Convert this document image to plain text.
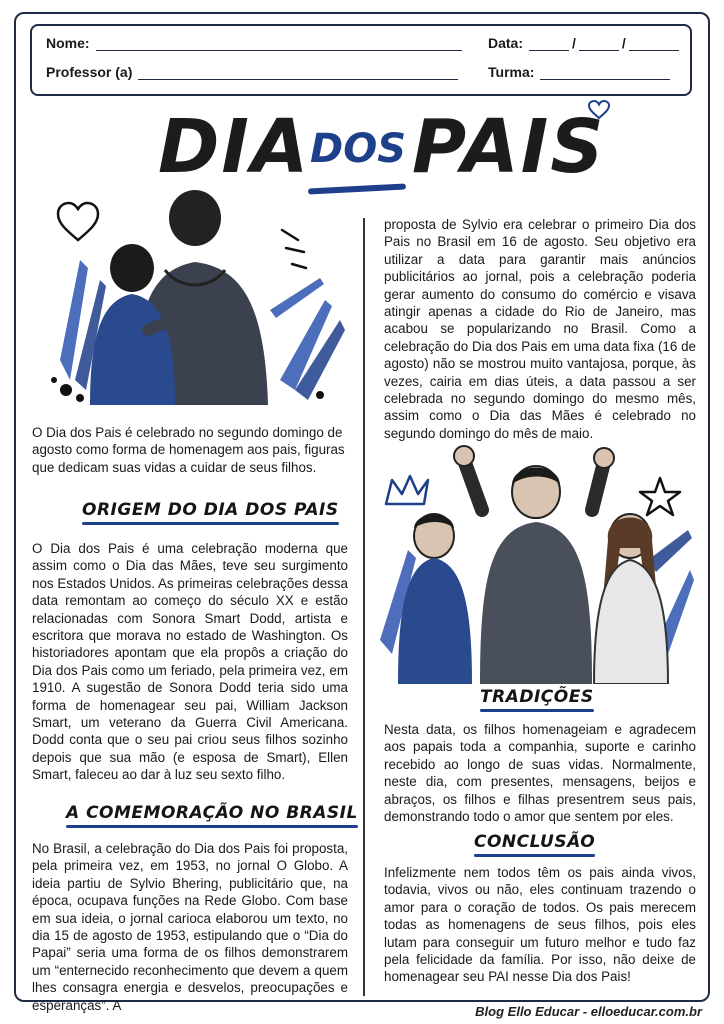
Nome:	Data:	/	/
Professor (a)	Turma:
DIA DOS PAIS
O Dia dos Pais é celebrado no segundo domingo de agosto como forma de homenagem aos pais, figuras que dedicam suas vidas a cuidar de seus filhos.
ORIGEM DO DIA DOS PAIS
O Dia dos Pais é uma celebração moderna que assim como o Dia das Mães, teve seu surgimento nos Estados Unidos. As primeiras celebrações dessa data remontam ao começo do século XX e estão relacionadas com Sonora Smart Dodd, artista e escritora que morava no estado de Washington. Os historiadores apontam que ela propôs a criação do Dia dos Pais como um feriado, pela primeira vez, em 1910. A sugestão de Sonora Dodd teria sido uma forma de homenagear seu pai, William Jackson Smart, um veterano da Guerra Civil Americana. Dodd conta que o seu pai criou seus filhos sozinho depois que sua mão (e esposa de Smart), Ellen Smart, faleceu ao dar à luz seu sexto filho.
A COMEMORAÇÃO NO BRASIL
No Brasil, a celebração do Dia dos Pais foi proposta, pela primeira vez, em 1953, no jornal O Globo. A ideia partiu de Sylvio Bhering, publicitário que, na época, ocupava funções na Rede Globo. Com base em sua ideia, o jornal carioca elaborou um texto, no dia 15 de agosto de 1953, estipulando que o “Dia do Papai” seria uma forma de os filhos demonstrarem um “enternecido reconhecimento que devem a quem lhes consagra energia e desvelos, preocupações e esperanças”. A
proposta de Sylvio era celebrar o primeiro Dia dos Pais no Brasil em 16 de agosto. Seu objetivo era utilizar a data para garantir mais anúncios publicitários ao jornal, pois a celebração poderia gerar aumento do consumo do comércio e visava atingir apenas a cidade do Rio de Janeiro, mas acabou se popularizando no Brasil. Como a celebração do Dia dos Pais em uma data fixa (16 de agosto) não se mostrou muito vantajosa, porque, às vezes, cairia em dias úteis, a data passou a ser celebrada no segundo domingo do mesmo mês, assim como o Dia das Mães é celebrado no segundo domingo do mês de maio.
TRADIÇÕES
Nesta data, os filhos homenageiam e agradecem aos papais toda a companhia, suporte e carinho recebido ao longo de suas vidas. Normalmente, neste dia, com presentes, mensagens, beijos e abraços, os filhos e filhas presentrem seus pais, demonstrando todo o amor que sentem por eles.
CONCLUSÃO
Infelizmente nem todos têm os pais ainda vivos, todavia, vivos ou não, eles continuam trazendo o amor para o coração de todos. Os pais merecem todas as homenagens de seus filhos, pois eles lutam para conseguir um futuro melhor e tudo faz pela felicidade da família. Por isso, não deixe de homenagear seu PAI nesse Dia dos Pais!
Blog Ello Educar - elloeducar.com.br
